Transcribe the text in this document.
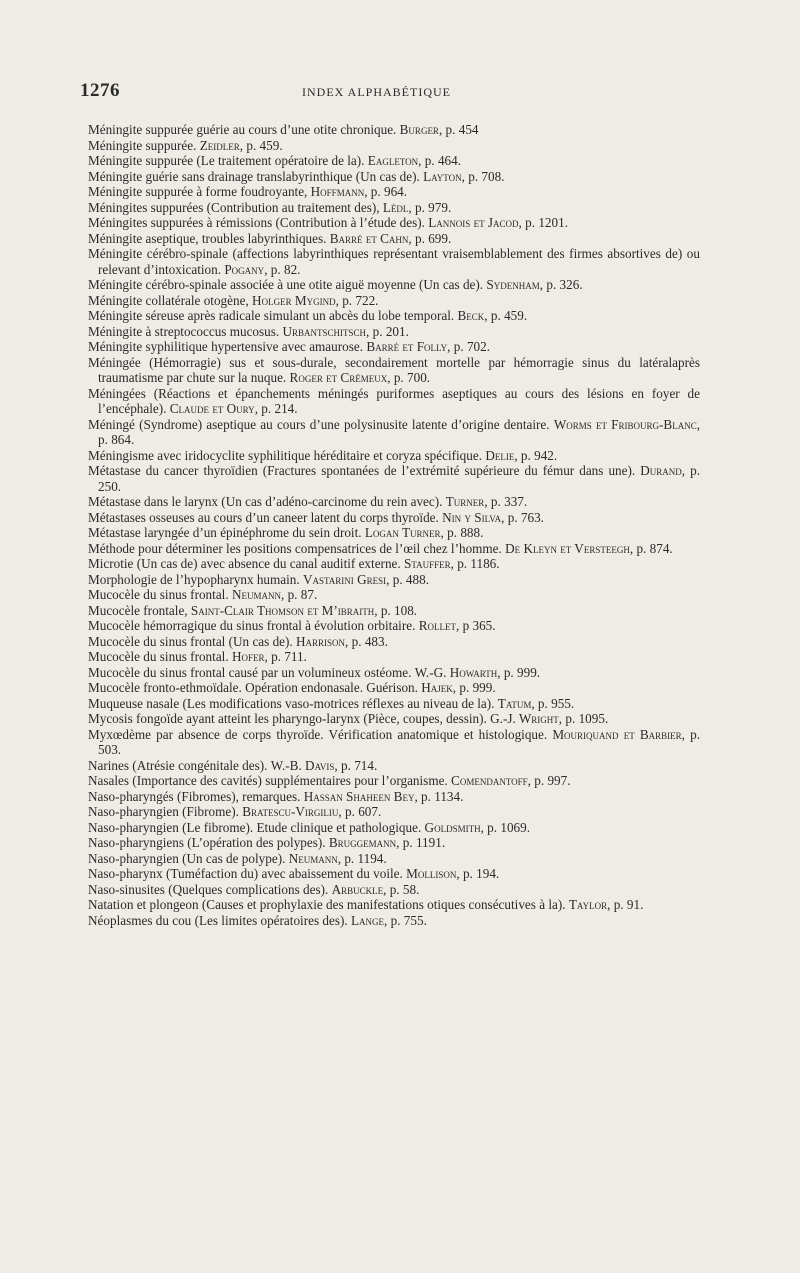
1276	INDEX ALPHABÉTIQUE
Méningite suppurée guérie au cours d’une otite chronique. Burger, p. 454
Méningite suppurée. Zeidler, p. 459.
Méningite suppurée (Le traitement opératoire de la). Eagleton, p. 464.
Méningite guérie sans drainage translabyrinthique (Un cas de). Layton, p. 708.
Méningite suppurée à forme foudroyante, Hoffmann, p. 964.
Méningites suppurées (Contribution au traitement des), Lédl, p. 979.
Méningites suppurées à rémissions (Contribution à l’étude des). Lannois et Jacod, p. 1201.
Méningite aseptique, troubles labyrinthiques. Barré et Cahn, p. 699.
Méningite cérébro-spinale (affections labyrinthiques représentant vraisemblablement des firmes absortives de) ou relevant d’intoxication. Pogany, p. 82.
Méningite cérébro-spinale associée à une otite aiguë moyenne (Un cas de). Sydenham, p. 326.
Méningite collatérale otogène, Holger Mygind, p. 722.
Méningite séreuse après radicale simulant un abcès du lobe temporal. Beck, p. 459.
Méningite à streptococcus mucosus. Urbantschitsch, p. 201.
Méningite syphilitique hypertensive avec amaurose. Barré et Folly, p. 702.
Méningée (Hémorragie) sus et sous-durale, secondairement mortelle par hémorragie sinus du latéralaprès traumatisme par chute sur la nuque. Roger et Crémeux, p. 700.
Méningées (Réactions et épanchements méningés puriformes aseptiques au cours des lésions en foyer de l’encéphale). Claude et Oury, p. 214.
Méningé (Syndrome) aseptique au cours d’une polysinusite latente d’origine dentaire. Worms et Fribourg-Blanc, p. 864.
Méningisme avec iridocyclite syphilitique héréditaire et coryza spécifique. Delie, p. 942.
Métastase du cancer thyroïdien (Fractures spontanées de l’extrémité supérieure du fémur dans une). Durand, p. 250.
Métastase dans le larynx (Un cas d’adéno-carcinome du rein avec). Turner, p. 337.
Métastases osseuses au cours d’un caneer latent du corps thyroïde. Nin y Silva, p. 763.
Métastase laryngée d’un épinéphrome du sein droit. Logan Turner, p. 888.
Méthode pour déterminer les positions compensatrices de l’œil chez l’homme. De Kleyn et Versteegh, p. 874.
Microtie (Un cas de) avec absence du canal auditif externe. Stauffer, p. 1186.
Morphologie de l’hypopharynx humain. Vastarini Gresi, p. 488.
Mucocèle du sinus frontal. Neumann, p. 87.
Mucocèle frontale, Saint-Clair Thomson et M’ibraith, p. 108.
Mucocèle hémorragique du sinus frontal à évolution orbitaire. Rollet, p 365.
Mucocèle du sinus frontal (Un cas de). Harrison, p. 483.
Mucocèle du sinus frontal. Hofer, p. 711.
Mucocèle du sinus frontal causé par un volumineux ostéome. W.-G. Howarth, p. 999.
Mucocèle fronto-ethmoïdale. Opération endonasale. Guérison. Hajek, p. 999.
Muqueuse nasale (Les modifications vaso-motrices réflexes au niveau de la). Tatum, p. 955.
Mycosis fongoïde ayant atteint les pharyngo-larynx (Pièce, coupes, dessin). G.-J. Wright, p. 1095.
Myxœdème par absence de corps thyroïde. Vérification anatomique et histologique. Mouriquand et Barbier, p. 503.
Narines (Atrésie congénitale des). W.-B. Davis, p. 714.
Nasales (Importance des cavités) supplémentaires pour l’organisme. Comendantoff, p. 997.
Naso-pharyngés (Fibromes), remarques. Hassan Shaheen Bey, p. 1134.
Naso-pharyngien (Fibrome). Bratescu-Virgiliu, p. 607.
Naso-pharyngien (Le fibrome). Etude clinique et pathologique. Goldsmith, p. 1069.
Naso-pharyngiens (L’opération des polypes). Bruggemann, p. 1191.
Naso-pharyngien (Un cas de polype). Neumann, p. 1194.
Naso-pharynx (Tuméfaction du) avec abaissement du voile. Mollison, p. 194.
Naso-sinusites (Quelques complications des). Arbuckle, p. 58.
Natation et plongeon (Causes et prophylaxie des manifestations otiques consécutives à la). Taylor, p. 91.
Néoplasmes du cou (Les limites opératoires des). Lange, p. 755.
